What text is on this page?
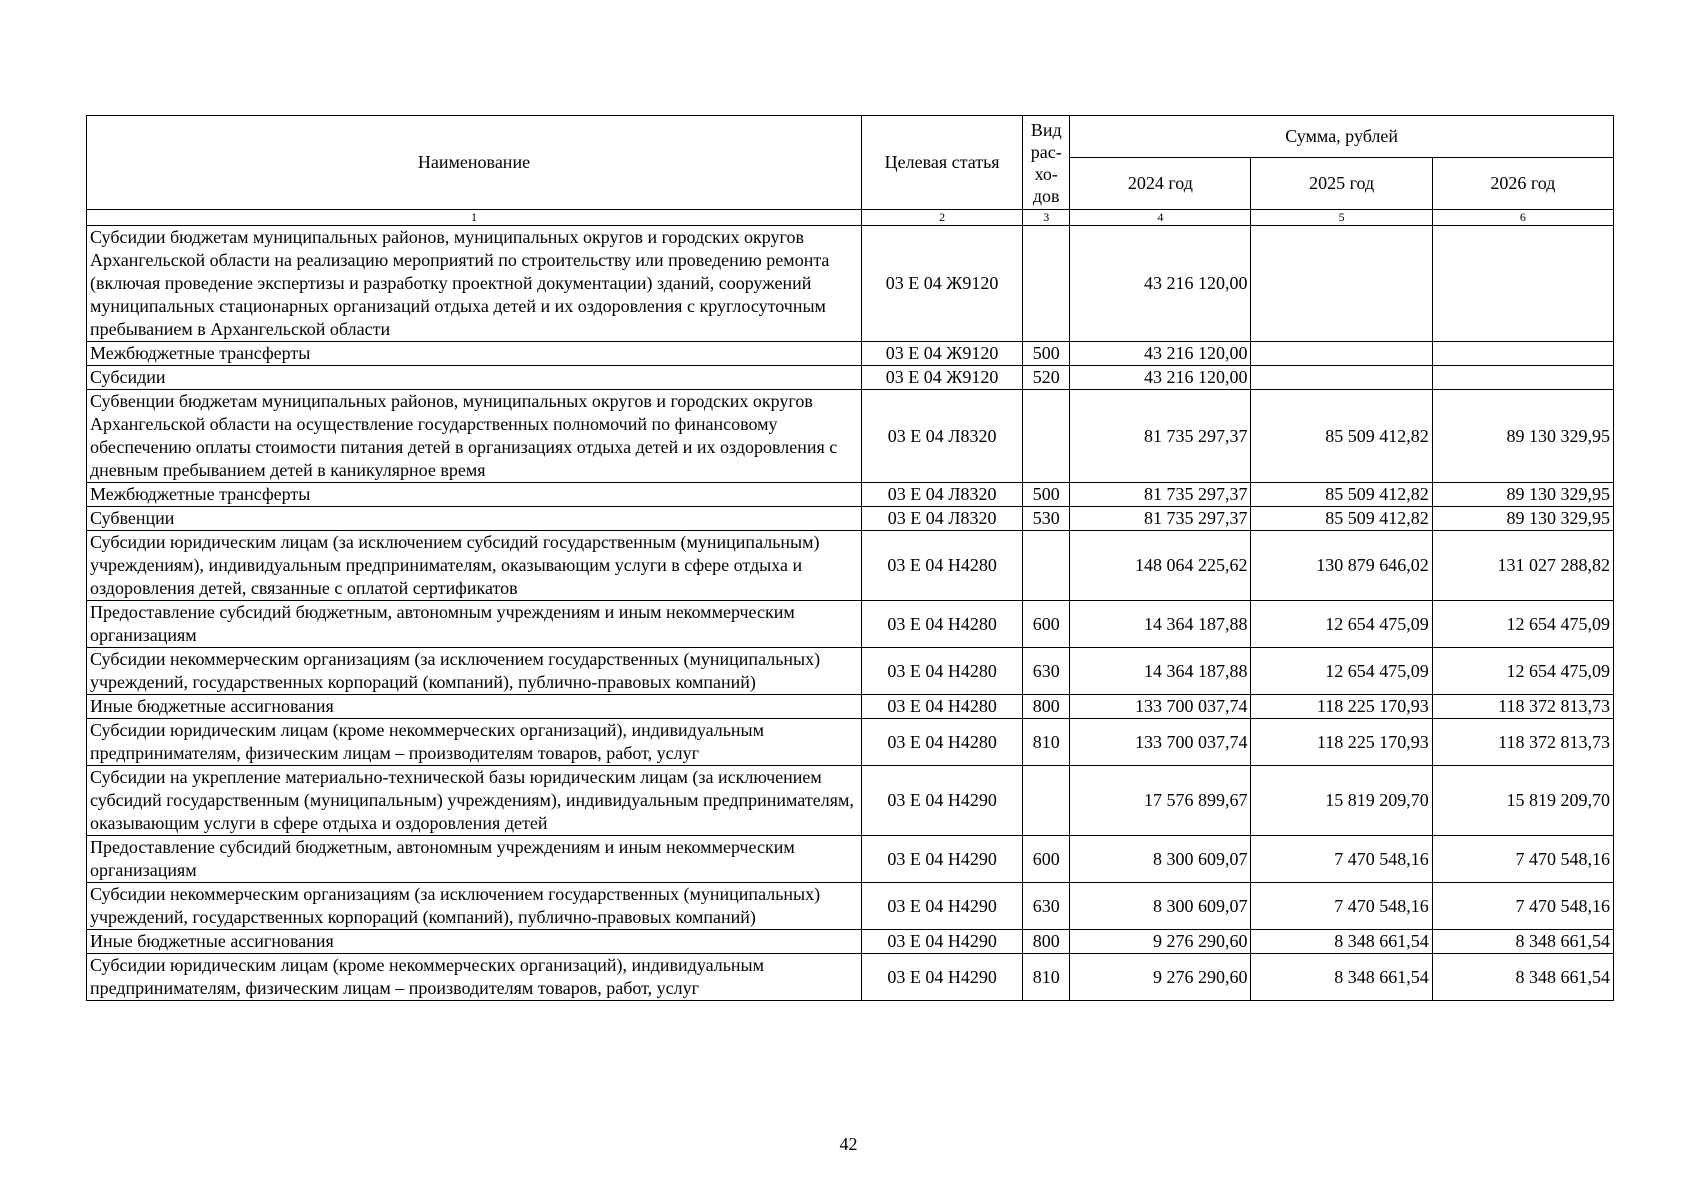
Наименование	Целевая статья	Вид рас-хо-дов	Сумма, рублей		
			2024 год	2025 год	2026 год
1	2	3	4	5	6
Субсидии бюджетам муниципальных районов, муниципальных округов и городских округов Архангельской области на реализацию мероприятий по строительству или проведению ремонта (включая проведение экспертизы и разработку проектной документации) зданий, сооружений муниципальных стационарных организаций отдыха детей и их оздоровления с круглосуточным пребыванием в Архангельской области	03 Е 04 Ж9120		43 216 120,00		
Межбюджетные трансферты	03 Е 04 Ж9120	500	43 216 120,00		
Субсидии	03 Е 04 Ж9120	520	43 216 120,00		
Субвенции бюджетам муниципальных районов, муниципальных округов и городских округов Архангельской области на осуществление государственных полномочий по финансовому обеспечению оплаты стоимости питания детей в организациях отдыха детей и их оздоровления с дневным пребыванием детей в каникулярное время	03 Е 04 Л8320		81 735 297,37	85 509 412,82	89 130 329,95
Межбюджетные трансферты	03 Е 04 Л8320	500	81 735 297,37	85 509 412,82	89 130 329,95
Субвенции	03 Е 04 Л8320	530	81 735 297,37	85 509 412,82	89 130 329,95
Субсидии юридическим лицам (за исключением субсидий государственным (муниципальным) учреждениям), индивидуальным предпринимателям, оказывающим услуги в сфере отдыха и оздоровления детей, связанные с оплатой сертификатов	03 Е 04 Н4280		148 064 225,62	130 879 646,02	131 027 288,82
Предоставление субсидий бюджетным, автономным учреждениям и иным некоммерческим организациям	03 Е 04 Н4280	600	14 364 187,88	12 654 475,09	12 654 475,09
Субсидии некоммерческим организациям (за исключением государственных (муниципальных) учреждений, государственных корпораций (компаний), публично-правовых компаний)	03 Е 04 Н4280	630	14 364 187,88	12 654 475,09	12 654 475,09
Иные бюджетные ассигнования	03 Е 04 Н4280	800	133 700 037,74	118 225 170,93	118 372 813,73
Субсидии юридическим лицам (кроме некоммерческих организаций), индивидуальным предпринимателям, физическим лицам – производителям товаров, работ, услуг	03 Е 04 Н4280	810	133 700 037,74	118 225 170,93	118 372 813,73
Субсидии на укрепление материально-технической базы юридическим лицам (за исключением субсидий государственным (муниципальным) учреждениям), индивидуальным предпринимателям, оказывающим услуги в сфере отдыха и оздоровления детей	03 Е 04 Н4290		17 576 899,67	15 819 209,70	15 819 209,70
Предоставление субсидий бюджетным, автономным учреждениям и иным некоммерческим организациям	03 Е 04 Н4290	600	8 300 609,07	7 470 548,16	7 470 548,16
Субсидии некоммерческим организациям (за исключением государственных (муниципальных) учреждений, государственных корпораций (компаний), публично-правовых компаний)	03 Е 04 Н4290	630	8 300 609,07	7 470 548,16	7 470 548,16
Иные бюджетные ассигнования	03 Е 04 Н4290	800	9 276 290,60	8 348 661,54	8 348 661,54
Субсидии юридическим лицам (кроме некоммерческих организаций), индивидуальным предпринимателям, физическим лицам – производителям товаров, работ, услуг	03 Е 04 Н4290	810	9 276 290,60	8 348 661,54	8 348 661,54
42
